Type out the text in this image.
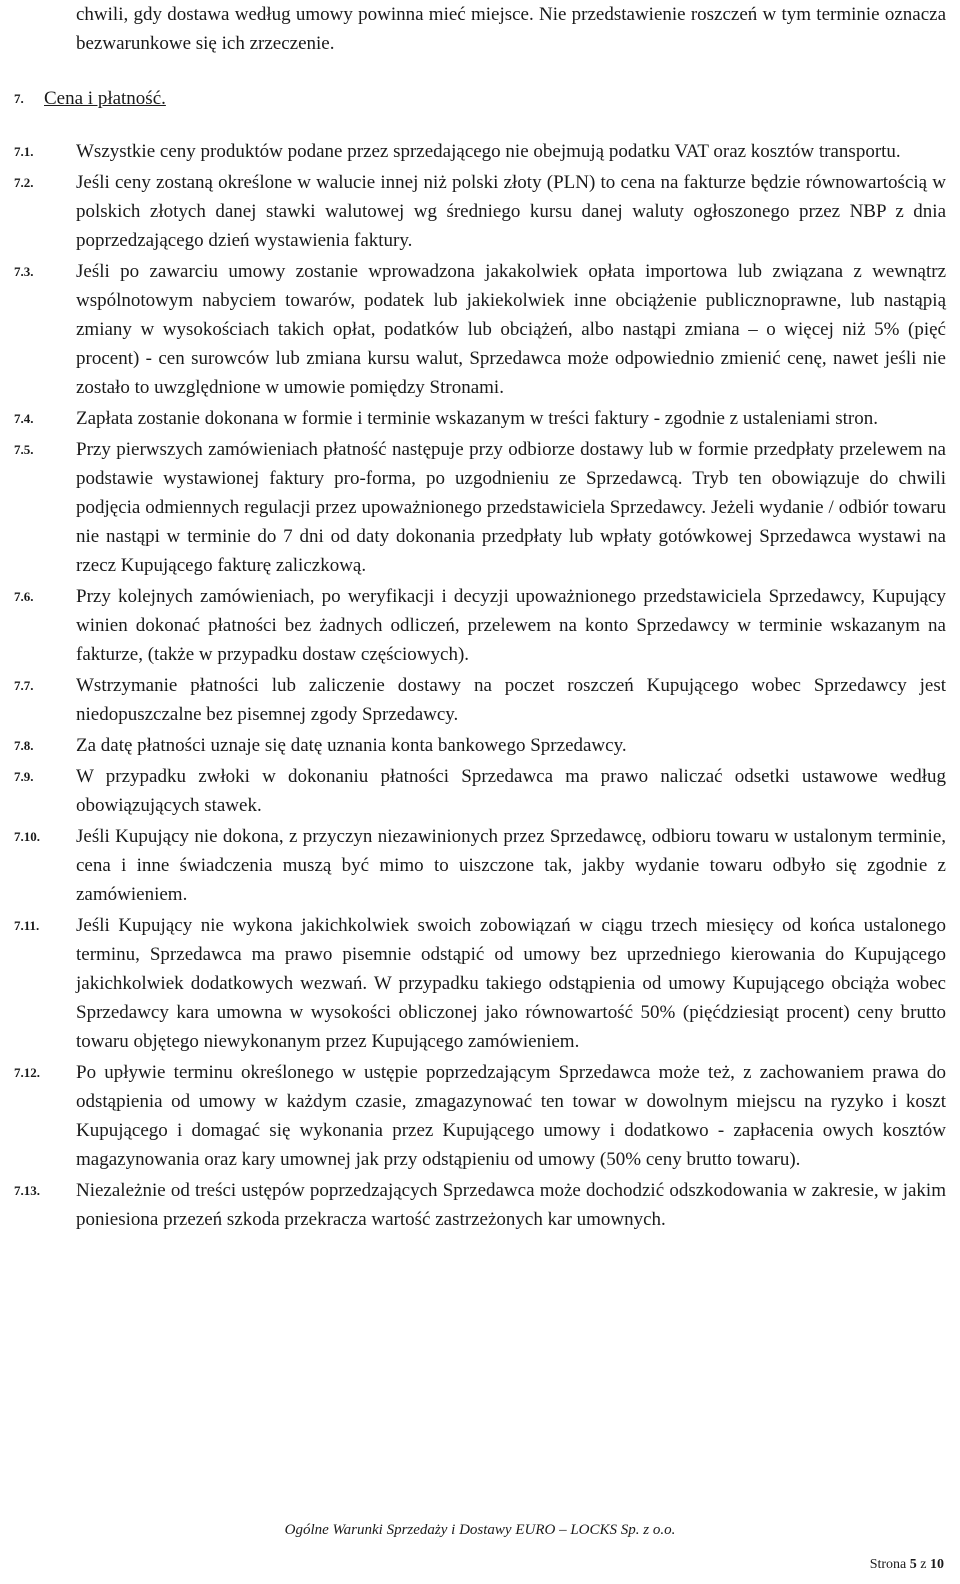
chwili, gdy dostawa według umowy powinna mieć miejsce. Nie przedstawienie roszczeń w tym terminie oznacza bezwarunkowe się ich zrzeczenie.
7. Cena i płatność.
7.1. Wszystkie ceny produktów podane przez sprzedającego nie obejmują podatku VAT oraz kosztów transportu.
7.2. Jeśli ceny zostaną określone w walucie innej niż polski złoty (PLN) to cena na fakturze będzie równowartością w polskich złotych danej stawki walutowej wg średniego kursu danej waluty ogłoszonego przez NBP z dnia poprzedzającego dzień wystawienia faktury.
7.3. Jeśli po zawarciu umowy zostanie wprowadzona jakakolwiek opłata importowa lub związana z wewnątrz wspólnotowym nabyciem towarów, podatek lub jakiekolwiek inne obciążenie publicznoprawne, lub nastąpią zmiany w wysokościach takich opłat, podatków lub obciążeń, albo nastąpi zmiana – o więcej niż 5% (pięć procent) - cen surowców lub zmiana kursu walut, Sprzedawca może odpowiednio zmienić cenę, nawet jeśli nie zostało to uwzględnione w umowie pomiędzy Stronami.
7.4. Zapłata zostanie dokonana w formie i terminie wskazanym w treści faktury - zgodnie z ustaleniami stron.
7.5. Przy pierwszych zamówieniach płatność następuje przy odbiorze dostawy lub w formie przedpłaty przelewem na podstawie wystawionej faktury pro-forma, po uzgodnieniu ze Sprzedawcą. Tryb ten obowiązuje do chwili podjęcia odmiennych regulacji przez upoważnionego przedstawiciela Sprzedawcy. Jeżeli wydanie / odbiór towaru nie nastąpi w terminie do 7 dni od daty dokonania przedpłaty lub wpłaty gotówkowej Sprzedawca wystawi na rzecz Kupującego fakturę zaliczkową.
7.6. Przy kolejnych zamówieniach, po weryfikacji i decyzji upoważnionego przedstawiciela Sprzedawcy, Kupujący winien dokonać płatności bez żadnych odliczeń, przelewem na konto Sprzedawcy w terminie wskazanym na fakturze, (także w przypadku dostaw częściowych).
7.7. Wstrzymanie płatności lub zaliczenie dostawy na poczet roszczeń Kupującego wobec Sprzedawcy jest niedopuszczalne bez pisemnej zgody Sprzedawcy.
7.8. Za datę płatności uznaje się datę uznania konta bankowego Sprzedawcy.
7.9. W przypadku zwłoki w dokonaniu płatności Sprzedawca ma prawo naliczać odsetki ustawowe według obowiązujących stawek.
7.10. Jeśli Kupujący nie dokona, z przyczyn niezawinionych przez Sprzedawcę, odbioru towaru w ustalonym terminie, cena i inne świadczenia muszą być mimo to uiszczone tak, jakby wydanie towaru odbyło się zgodnie z zamówieniem.
7.11. Jeśli Kupujący nie wykona jakichkolwiek swoich zobowiązań w ciągu trzech miesięcy od końca ustalonego terminu, Sprzedawca ma prawo pisemnie odstąpić od umowy bez uprzedniego kierowania do Kupującego jakichkolwiek dodatkowych wezwań. W przypadku takiego odstąpienia od umowy Kupującego obciąża wobec Sprzedawcy kara umowna w wysokości obliczonej jako równowartość 50% (pięćdziesiąt procent) ceny brutto towaru objętego niewykonanym przez Kupującego zamówieniem.
7.12. Po upływie terminu określonego w ustępie poprzedzającym Sprzedawca może też, z zachowaniem prawa do odstąpienia od umowy w każdym czasie, zmagazynować ten towar w dowolnym miejscu na ryzyko i koszt Kupującego i domagać się wykonania przez Kupującego umowy i dodatkowo - zapłacenia owych kosztów magazynowania oraz kary umownej jak przy odstąpieniu od umowy (50% ceny brutto towaru).
7.13. Niezależnie od treści ustępów poprzedzających Sprzedawca może dochodzić odszkodowania w zakresie, w jakim poniesiona przezeń szkoda przekracza wartość zastrzeżonych kar umownych.
Ogólne Warunki Sprzedaży i Dostawy EURO – LOCKS Sp. z o.o.
Strona 5 z 10
